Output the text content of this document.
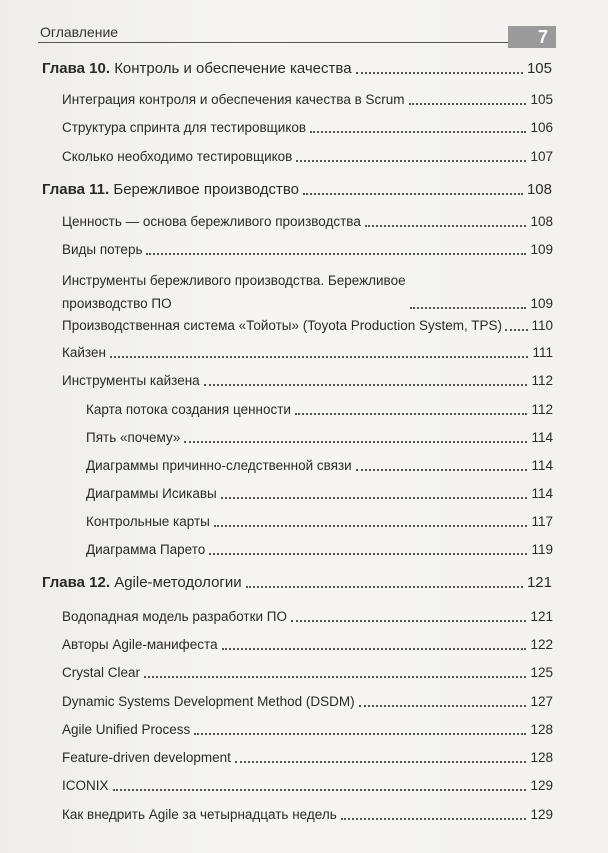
Оглавление	7
Глава 10. Контроль и обеспечение качества	105
Интеграция контроля и обеспечения качества в Scrum	105
Структура спринта для тестировщиков	106
Сколько необходимо тестировщиков	107
Глава 11. Бережливое производство	108
Ценность — основа бережливого производства	108
Виды потерь	109
Инструменты бережливого производства. Бережливое
производство ПО	109
Производственная система «Тойоты» (Toyota Production System, TPS) 110
Кайзен	111
Инструменты кайзена	112
Карта потока создания ценности	112
Пять «почему»	114
Диаграммы причинно-следственной связи	114
Диаграммы Исикавы	114
Контрольные карты	117
Диаграмма Парето	119
Глава 12. Agile-методологии	121
Водопадная модель разработки ПО	121
Авторы Agile-манифеста	122
Crystal Clear	125
Dynamic Systems Development Method (DSDM)	127
Agile Unified Process	128
Feature-driven development	128
ICONIX	129
Как внедрить Agile за четырнадцать недель	129
